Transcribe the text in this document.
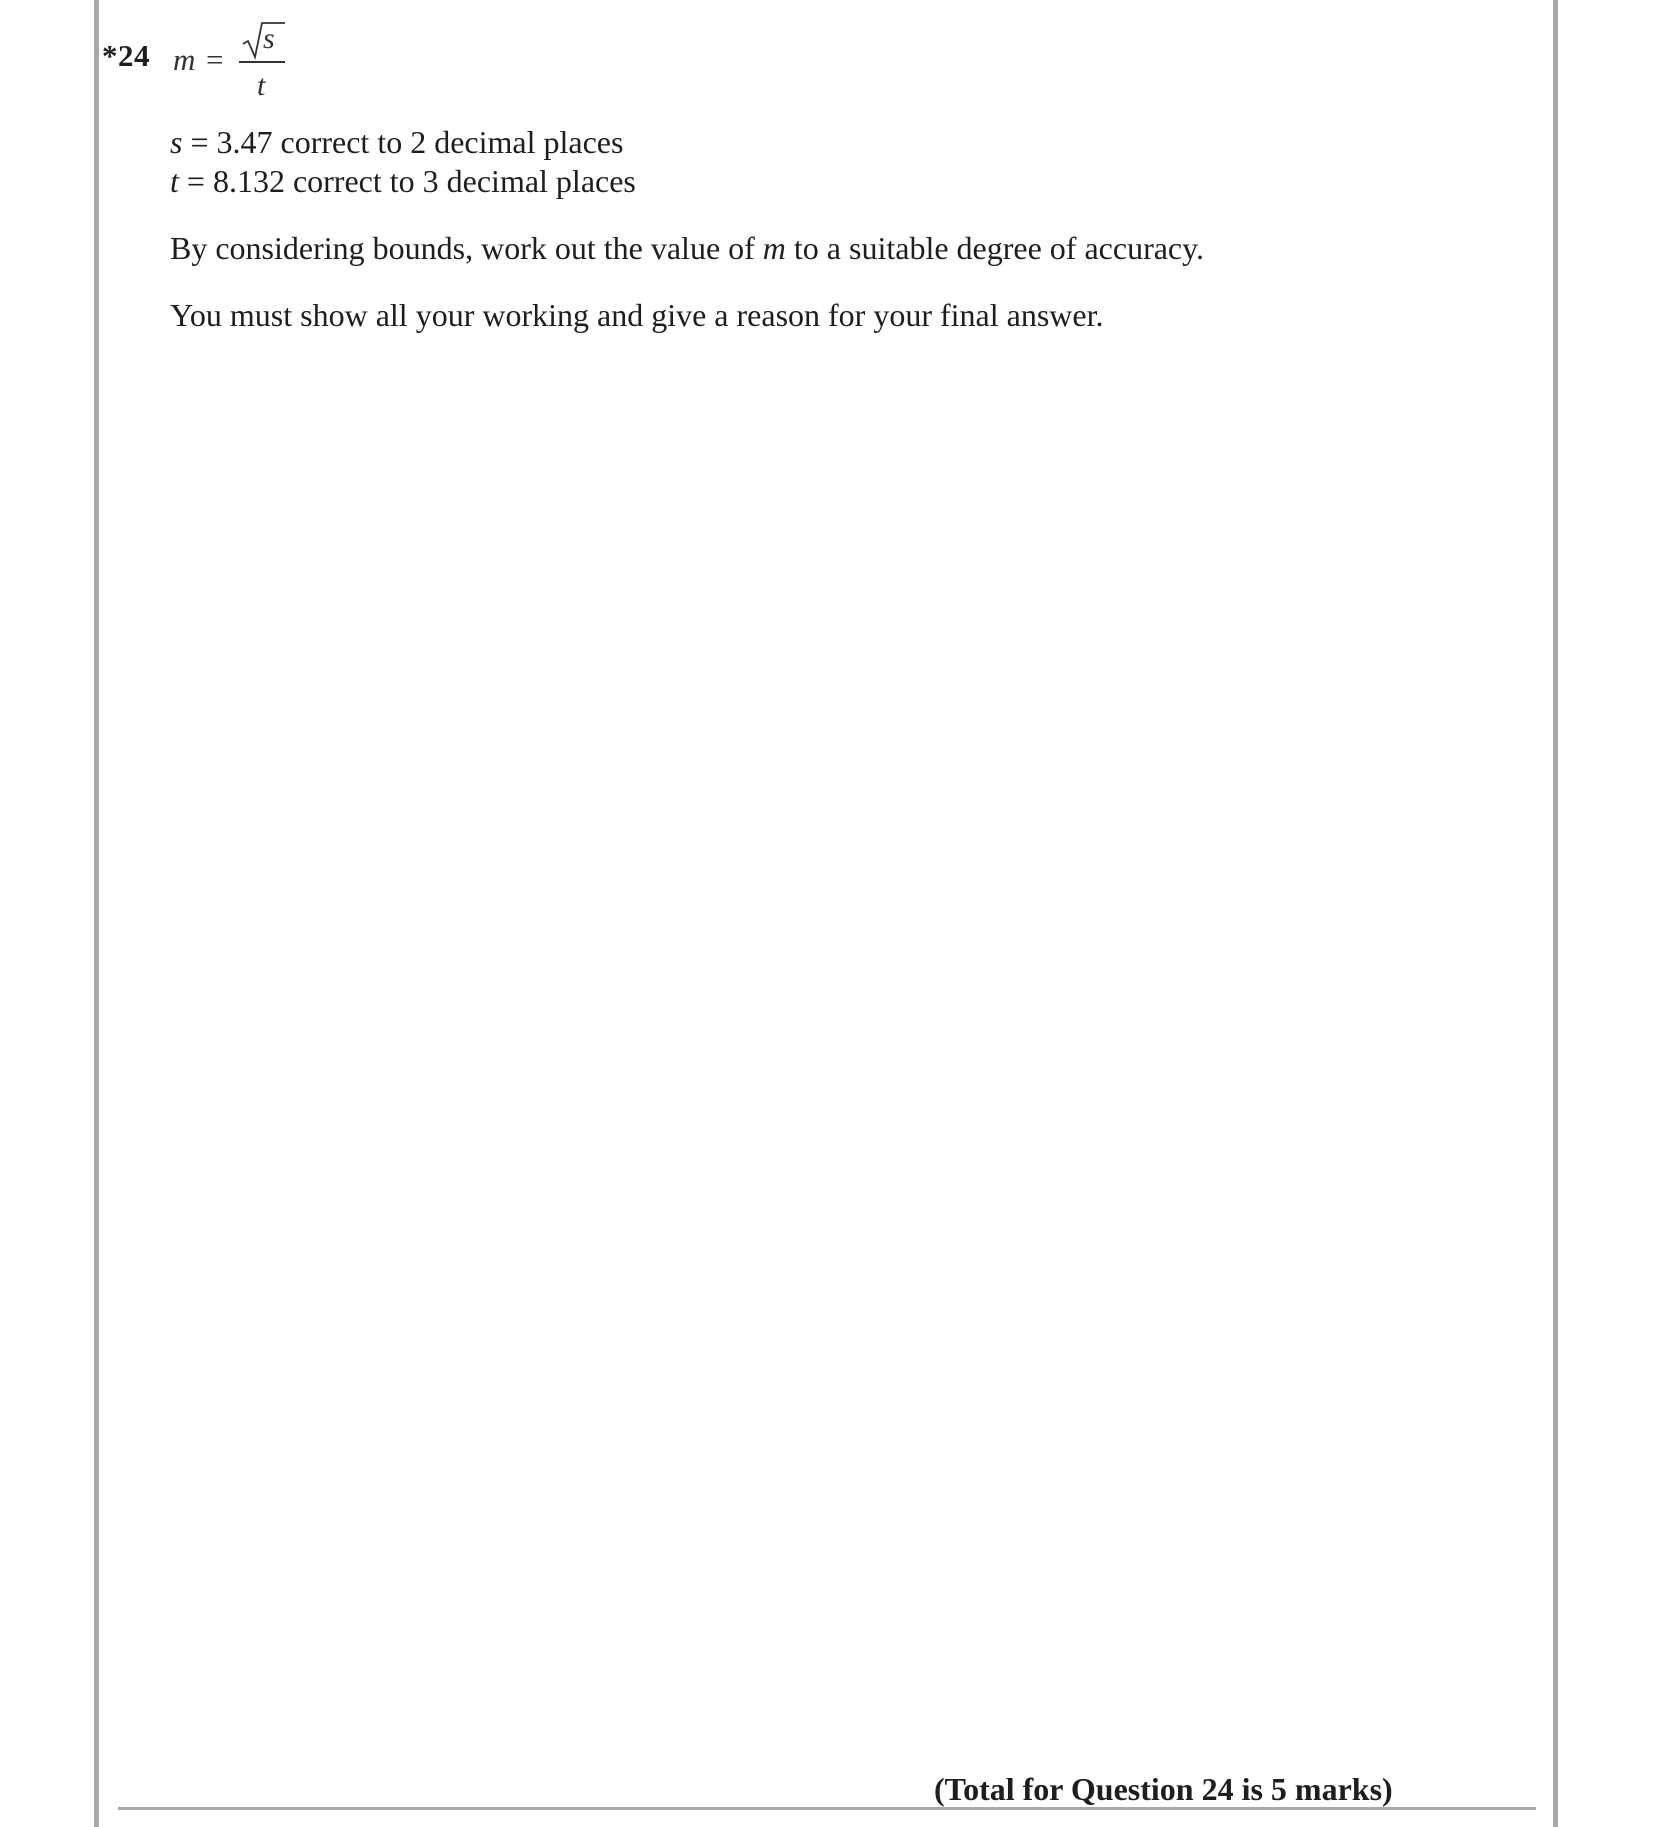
*24 m =
s
t
s = 3.47 correct to 2 decimal places
t = 8.132 correct to 3 decimal places
By considering bounds, work out the value of m to a suitable degree of accuracy.
You must show all your working and give a reason for your final answer.
(Total for Question 24 is 5 marks)
